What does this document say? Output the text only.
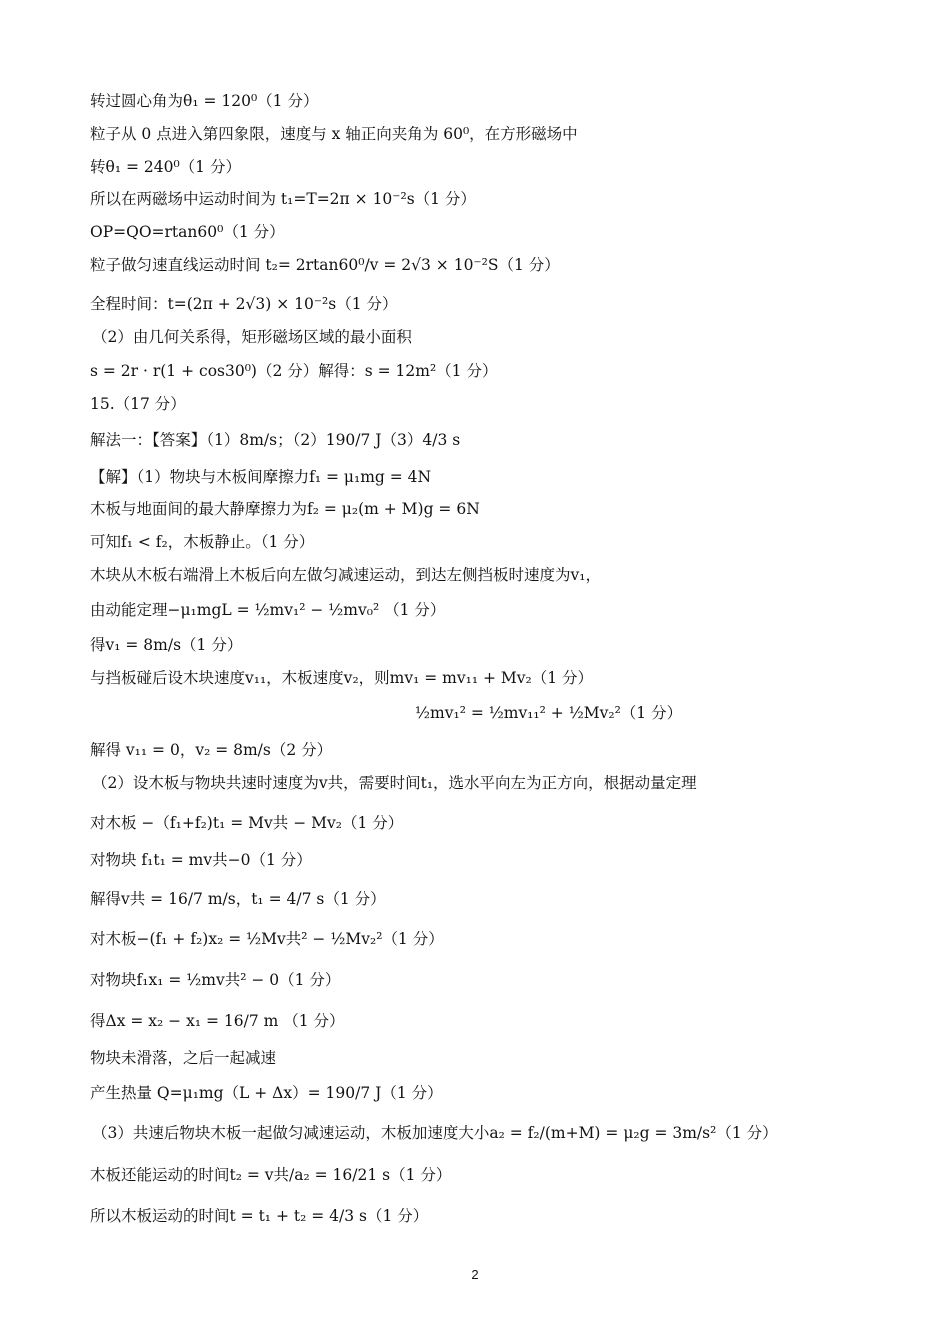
转过圆心角为θ₁ = 120⁰（1 分）
粒子从 0 点进入第四象限，速度与 x 轴正向夹角为 60⁰，在方形磁场中
转θ₁ = 240⁰（1 分）
所以在两磁场中运动时间为 t₁=T=2π × 10⁻²s（1 分）
OP=QO=rtan60⁰（1 分）
粒子做匀速直线运动时间 t₂= 2rtan60⁰/v = 2√3 × 10⁻²S（1 分）
全程时间：t=(2π + 2√3) × 10⁻²s（1 分）
（2）由几何关系得，矩形磁场区域的最小面积
s = 2r · r(1 + cos30⁰)（2 分）解得：s = 12m²（1 分）
15.（17 分）
解法一：【答案】（1）8m/s；（2）190/7 J（3）4/3 s
【解】（1）物块与木板间摩擦力f₁ = μ₁mg = 4N
木板与地面间的最大静摩擦力为f₂ = μ₂(m + M)g = 6N
可知f₁ < f₂，木板静止。（1 分）
木块从木板右端滑上木板后向左做匀减速运动，到达左侧挡板时速度为v₁，
由动能定理−μ₁mgL = ½mv₁² − ½mv₀² （1 分）
得v₁ = 8m/s（1 分）
与挡板碰后设木块速度v₁₁，木板速度v₂，则mv₁ = mv₁₁ + Mv₂（1 分）
½mv₁² = ½mv₁₁² + ½Mv₂²（1 分）
解得 v₁₁ = 0，v₂ = 8m/s（2 分）
（2）设木板与物块共速时速度为v共，需要时间t₁，选水平向左为正方向，根据动量定理
对木板 −（f₁+f₂)t₁ = Mv共 − Mv₂（1 分）
对物块 f₁t₁ = mv共−0（1 分）
解得v共 = 16/7 m/s，t₁ = 4/7 s（1 分）
对木板−(f₁ + f₂)x₂ = ½Mv共² − ½Mv₂²（1 分）
对物块f₁x₁ = ½mv共² − 0（1 分）
得Δx = x₂ − x₁ = 16/7 m （1 分）
物块未滑落，之后一起减速
产生热量 Q=μ₁mg（L + Δx）= 190/7 J（1 分）
（3）共速后物块木板一起做匀减速运动，木板加速度大小a₂ = f₂/(m+M) = μ₂g = 3m/s²（1 分）
木板还能运动的时间t₂ = v共/a₂ = 16/21 s（1 分）
所以木板运动的时间t = t₁ + t₂ = 4/3 s（1 分）
2
